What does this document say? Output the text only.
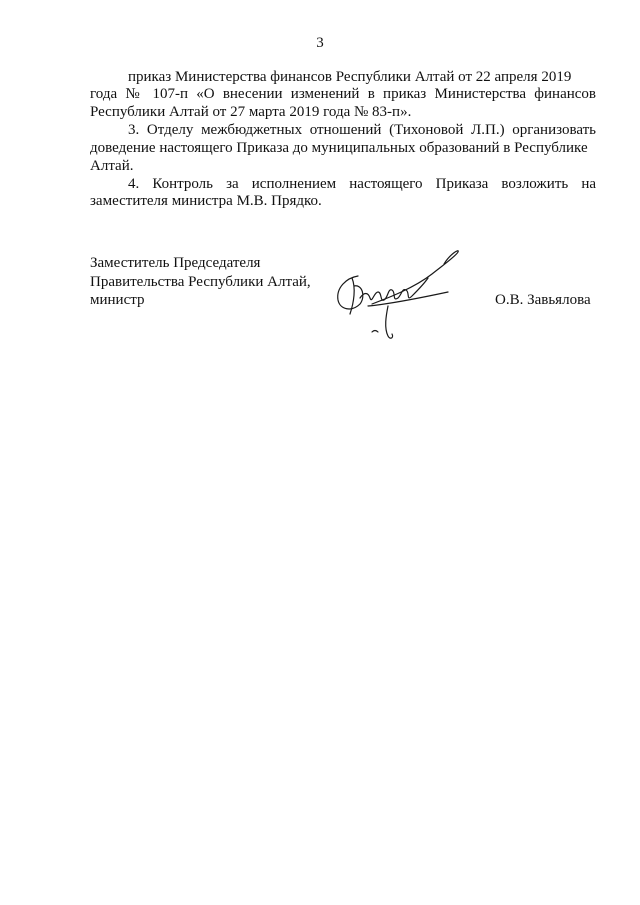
3
приказ Министерства финансов Республики Алтай от 22 апреля 2019
года № 107-п «О внесении изменений в приказ Министерства финансов
Республики Алтай от 27 марта 2019 года № 83-п».
3. Отделу межбюджетных отношений (Тихоновой Л.П.) организовать
доведение настоящего Приказа до муниципальных образований в Республике
Алтай.
4. Контроль за исполнением настоящего Приказа возложить на
заместителя министра М.В. Прядко.
Заместитель Председателя
Правительства Республики Алтай,
министр	О.В. Завьялова
